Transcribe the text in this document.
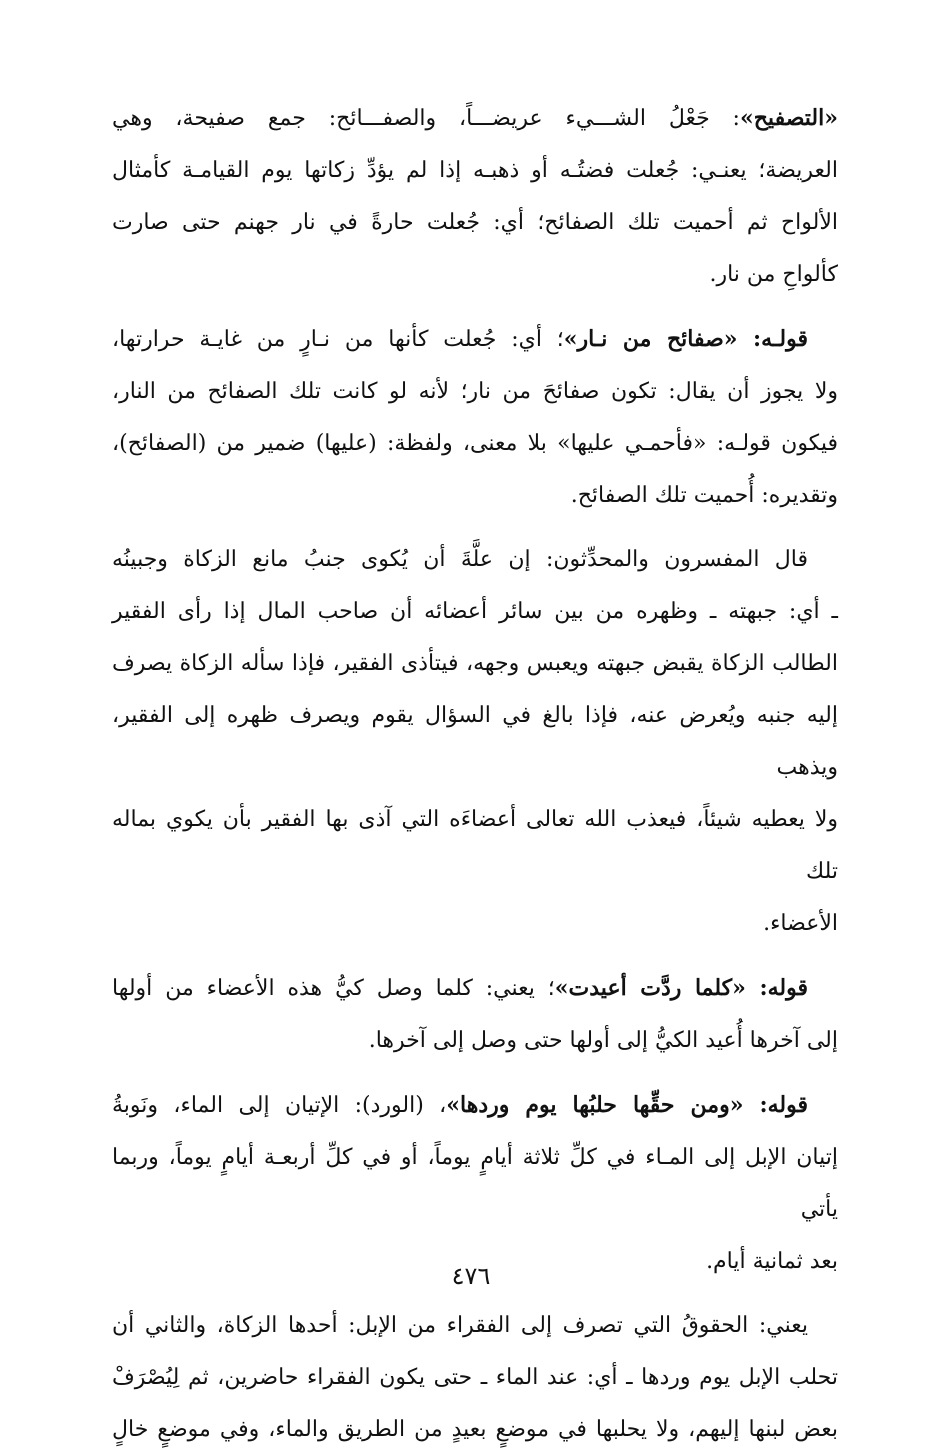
«التصفيح»: جَعْلُ الشـــيء عريضـــاً، والصفـــائح: جمع صفيحة، وهي
العريضة؛ يعنـي: جُعلت فضتُـه أو ذهبـه إذا لم يؤدِّ زكاتها يوم القيامـة كأمثال
الألواح ثم أحميت تلك الصفائح؛ أي: جُعلت حارةً في نار جهنم حتى صارت
كألواحِ من نار.
قولـه: «صفائح من نـار»؛ أي: جُعلت كأنها من نـارٍ من غايـة حرارتها،
ولا يجوز أن يقال: تكون صفائحَ من نار؛ لأنه لو كانت تلك الصفائح من النار،
فيكون قولـه: «فأحمـي عليها» بلا معنى، ولفظة: (عليها) ضمير من (الصفائح)،
وتقديره: أُحميت تلك الصفائح.
قال المفسرون والمحدِّثون: إن علَّةَ أن يُكوى جنبُ مانع الزكاة وجبينُه
ـ أي: جبهته ـ وظهره من بين سائر أعضائه أن صاحب المال إذا رأى الفقير
الطالب الزكاة يقبض جبهته ويعبس وجهه، فيتأذى الفقير، فإذا سأله الزكاة يصرف
إليه جنبه ويُعرض عنه، فإذا بالغ في السؤال يقوم ويصرف ظهره إلى الفقير، ويذهب
ولا يعطيه شيئاً، فيعذب الله تعالى أعضاءَه التي آذى بها الفقير بأن يكوي بماله تلك
الأعضاء.
قوله: «كلما ردَّت أعيدت»؛ يعني: كلما وصل كيُّ هذه الأعضاء من أولها
إلى آخرها أُعيد الكيُّ إلى أولها حتى وصل إلى آخرها.
قوله: «ومن حقِّها حلبُها يوم وردها»، (الورد): الإتيان إلى الماء، ونَوبةُ
إتيان الإبل إلى المـاء في كلِّ ثلاثة أيامٍ يوماً، أو في كلِّ أربعـة أيامٍ يوماً، وربما يأتي
بعد ثمانية أيام.
يعني: الحقوقُ التي تصرف إلى الفقراء من الإبل: أحدها الزكاة، والثاني أن
تحلب الإبل يوم وردها ـ أي: عند الماء ـ حتى يكون الفقراء حاضرين، ثم لِيُصْرَفْ
بعض لبنها إليهم، ولا يحلبها في موضعٍ بعيدٍ من الطريق والماء، وفي موضعٍ خالٍ
٤٧٦
